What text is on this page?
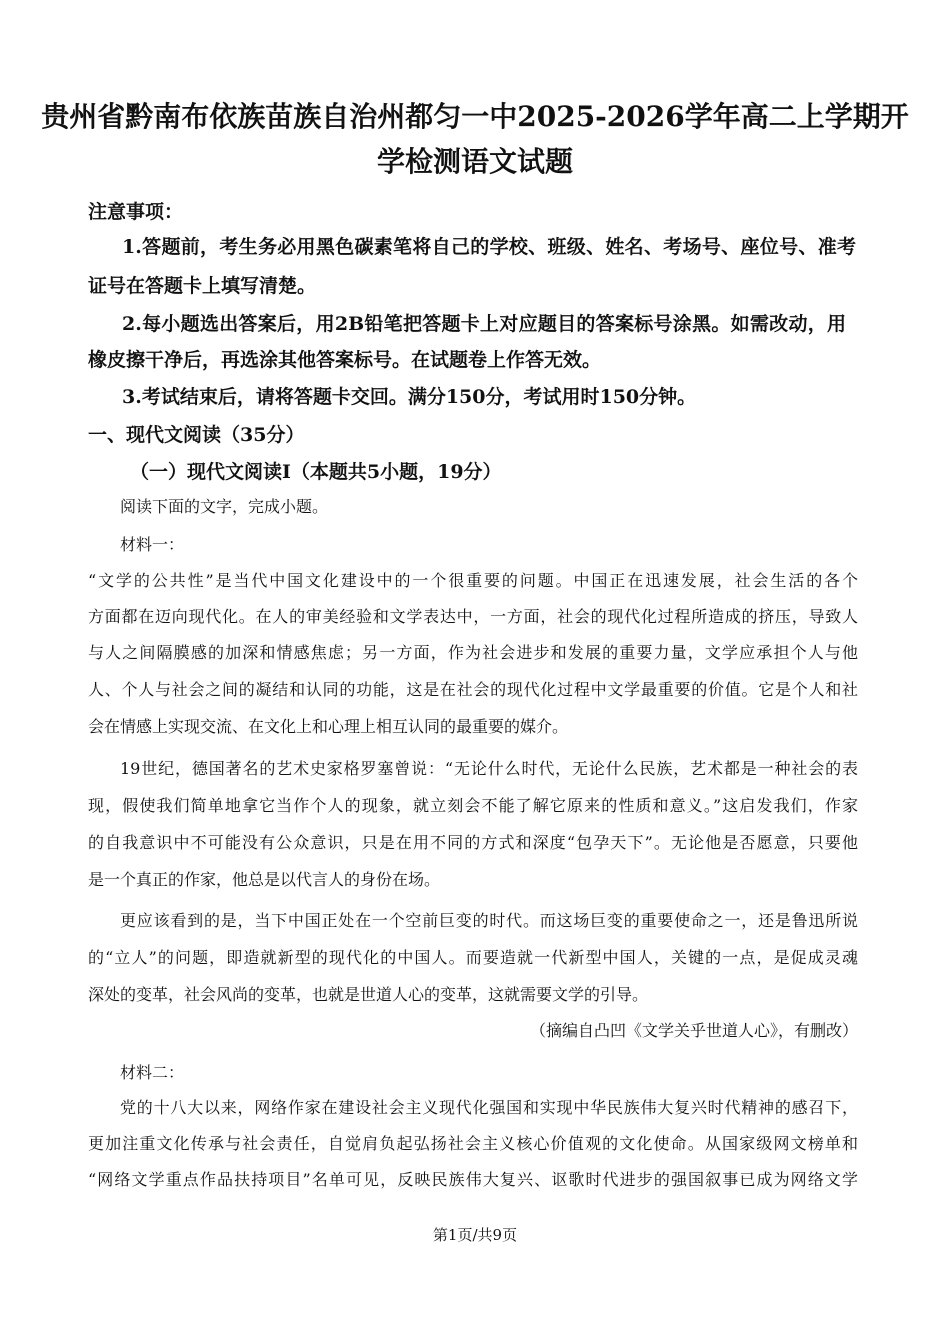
贵州省黔南布依族苗族自治州都匀一中2025-2026学年高二上学期开
学检测语文试题
注意事项：
1.答题前，考生务必用黑色碳素笔将自己的学校、班级、姓名、考场号、座位号、准考
证号在答题卡上填写清楚。
2.每小题选出答案后，用2B铅笔把答题卡上对应题目的答案标号涂黑。如需改动，用
橡皮擦干净后，再选涂其他答案标号。在试题卷上作答无效。
3.考试结束后，请将答题卡交回。满分150分，考试用时150分钟。
一、现代文阅读（35分）
（一）现代文阅读Ⅰ（本题共5小题，19分）
阅读下面的文字，完成小题。
材料一：
“文学的公共性”是当代中国文化建设中的一个很重要的问题。中国正在迅速发展，社会生活的各个
方面都在迈向现代化。在人的审美经验和文学表达中，一方面，社会的现代化过程所造成的挤压，导致人
与人之间隔膜感的加深和情感焦虑；另一方面，作为社会进步和发展的重要力量，文学应承担个人与他
人、个人与社会之间的凝结和认同的功能，这是在社会的现代化过程中文学最重要的价值。它是个人和社
会在情感上实现交流、在文化上和心理上相互认同的最重要的媒介。
19世纪，德国著名的艺术史家格罗塞曾说：“无论什么时代，无论什么民族，艺术都是一种社会的表
现，假使我们简单地拿它当作个人的现象，就立刻会不能了解它原来的性质和意义。”这启发我们，作家
的自我意识中不可能没有公众意识，只是在用不同的方式和深度“包孕天下”。无论他是否愿意，只要他
是一个真正的作家，他总是以代言人的身份在场。
更应该看到的是，当下中国正处在一个空前巨变的时代。而这场巨变的重要使命之一，还是鲁迅所说
的“立人”的问题，即造就新型的现代化的中国人。而要造就一代新型中国人，关键的一点，是促成灵魂
深处的变革，社会风尚的变革，也就是世道人心的变革，这就需要文学的引导。
（摘编自凸凹《文学关乎世道人心》，有删改）
材料二：
党的十八大以来，网络作家在建设社会主义现代化强国和实现中华民族伟大复兴时代精神的感召下，
更加注重文化传承与社会责任，自觉肩负起弘扬社会主义核心价值观的文化使命。从国家级网文榜单和
“网络文学重点作品扶持项目”名单可见，反映民族伟大复兴、讴歌时代进步的强国叙事已成为网络文学
第1页/共9页
